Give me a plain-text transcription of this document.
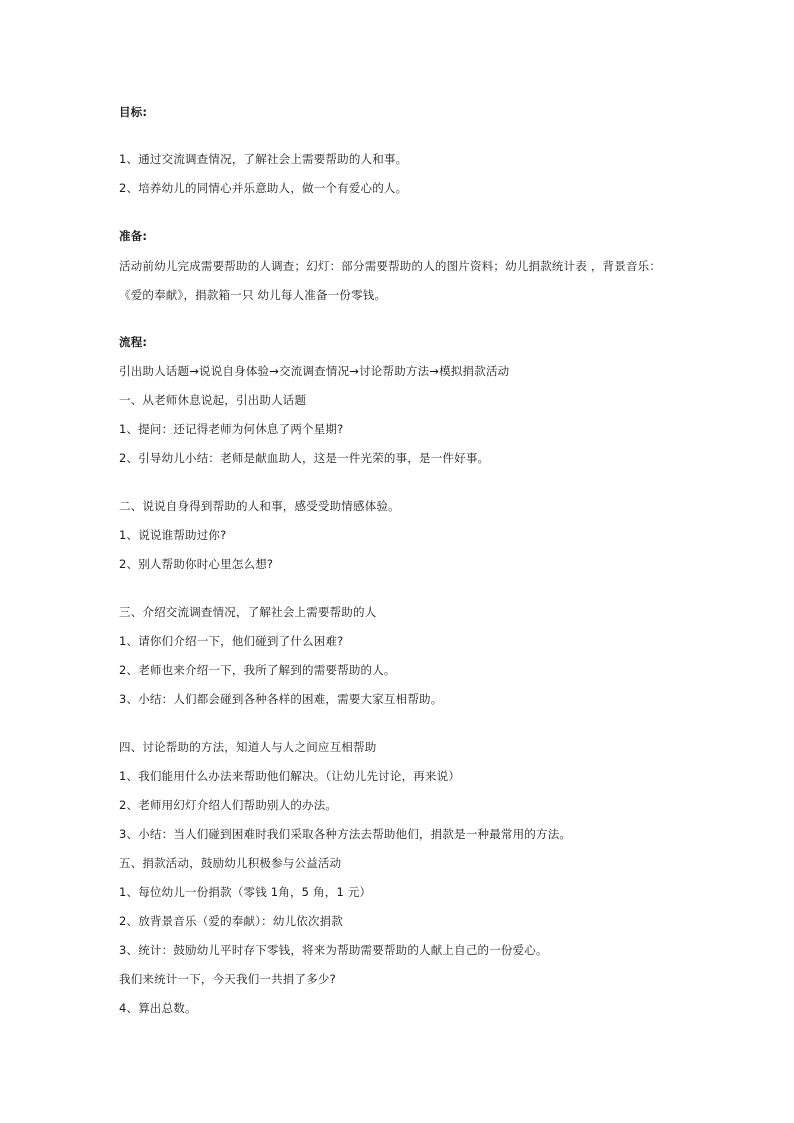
目标:
1、通过交流调查情况，了解社会上需要帮助的人和事。
2、培养幼儿的同情心并乐意助人，做一个有爱心的人。
准备:
活动前幼儿完成需要帮助的人调查；幻灯：部分需要帮助的人的图片资料；幼儿捐款统计表 ，背景音乐：
《爱的奉献》，捐款箱一只 幼儿每人准备一份零钱。
流程:
引出助人话题→说说自身体验→交流调查情况→讨论帮助方法→模拟捐款活动
一、从老师休息说起，引出助人话题
1、提问：还记得老师为何休息了两个星期?
2、引导幼儿小结：老师是献血助人，这是一件光荣的事，是一件好事。
二、说说自身得到帮助的人和事，感受受助情感体验。
1、说说谁帮助过你?
2、别人帮助你时心里怎么想?
三、介绍交流调查情况，了解社会上需要帮助的人
1、请你们介绍一下，他们碰到了什么困难?
2、老师也来介绍一下，我所了解到的需要帮助的人。
3、小结：人们都会碰到各种各样的困难，需要大家互相帮助。
四、讨论帮助的方法，知道人与人之间应互相帮助
1、我们能用什么办法来帮助他们解决。（让幼儿先讨论，再来说）
2、老师用幻灯介绍人们帮助别人的办法。
3、小结：当人们碰到困难时我们采取各种方法去帮助他们，捐款是一种最常用的方法。
五、捐款活动，鼓励幼儿积极参与公益活动
1、每位幼儿一份捐款（零钱 1角，5 角，1 元）
2、放背景音乐（爱的奉献）：幼儿依次捐款
3、统计：鼓励幼儿平时存下零钱，将来为帮助需要帮助的人献上自己的一份爱心。
我们来统计一下，今天我们一共捐了多少?
4、算出总数。
